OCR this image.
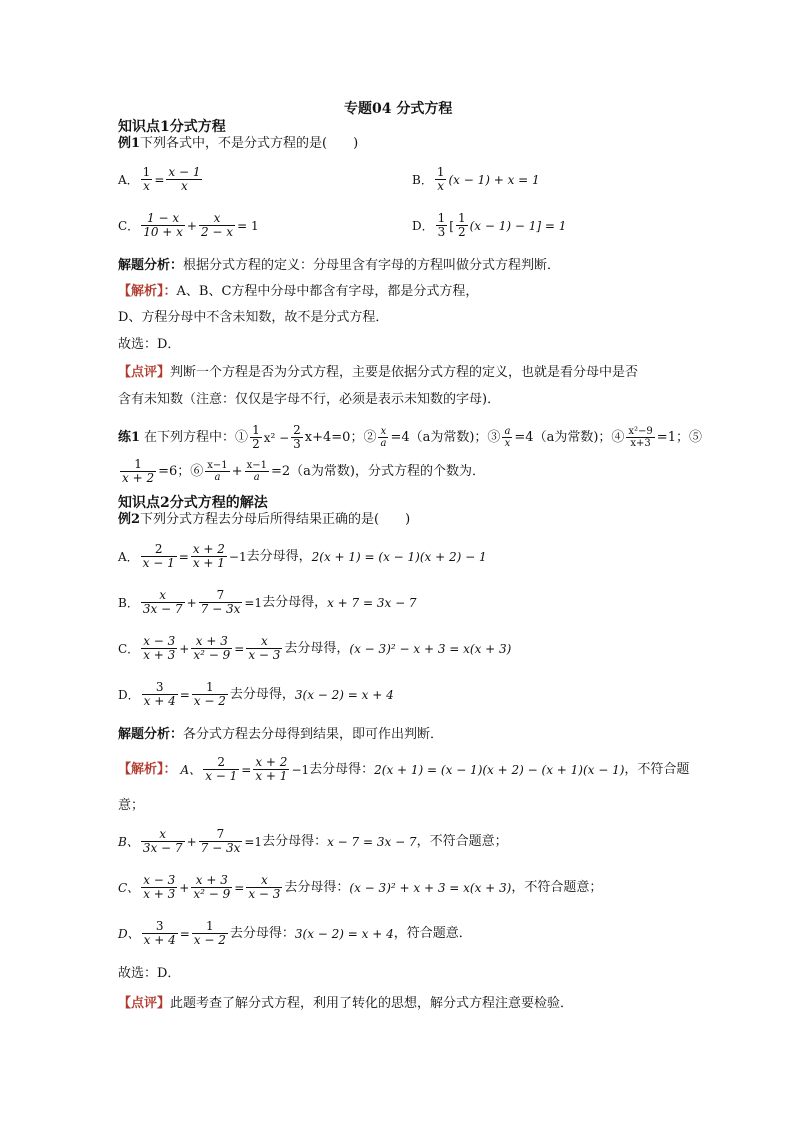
专题04 分式方程
知识点1分式方程
例1下列各式中，不是分式方程的是(　　)
A． $\frac{1}{x} = \frac{x - 1}{x}$	B． $\frac{1}{x} (x - 1) + x = 1$
C． $\frac{1 - x}{10 + x} + \frac{x}{2 - x} = 1$	D． $\frac{1}{3}$ [ $\frac{1}{2} (x - 1) - 1] = 1$
解题分析：根据分式方程的定义：分母里含有字母的方程叫做分式方程判断．
【解析】：A、B、C方程中分母中都含有字母，都是分式方程，
D、方程分母中不含未知数，故不是分式方程．
故选：D．
【点评】判断一个方程是否为分式方程，主要是依据分式方程的定义，也就是看分母中是否
含有未知数（注意：仅仅是字母不行，必须是表示未知数的字母)．
练1 在下列方程中：① $\frac{1}{2} x^2 - \frac{2}{3} x+4=0$；② $\frac{x}{a} =4(a$为常数)；③ $\frac{a}{x} =4(a$为常数)；④ $\frac{\text{x²−9}}{x+3} =1$；⑤
$\frac{1}{x + 2} =6$；⑥ $\frac{x-1}{a} + \frac{x-1}{a} =2(a$为常数)，分式方程的个数为．
知识点2分式方程的解法
例2下列分式方程去分母后所得结果正确的是(　　)
A． $\frac{2}{x - 1} = \frac{x + 2}{x + 1} -1$ 去分母得， 2(x + 1) = (x − 1)(x + 2) − 1
B． $\frac{x}{3x - 7} + \frac{7}{7 - 3x} =1$ 去分母得， x + 7 = 3x − 7
C． $\frac{x - 3}{x + 3} + \frac{x + 3}{\text{x² − 9}} = \frac{x}{x - 3}$ 去分母得， (x − 3)² − x + 3 = x(x + 3)
D． $\frac{3}{x + 4} = \frac{1}{x - 2}$ 去分母得， 3(x − 2) = x + 4
解题分析：各分式方程去分母得到结果，即可作出判断．
【解析】： A、 $\frac{2}{x - 1} = \frac{x + 2}{x + 1} -1$ 去分母得： 2(x + 1) = (x − 1)(x + 2) − (x + 1)(x − 1) ，不符合题
意；
B、 $\frac{x}{3x - 7} + \frac{7}{7 - 3x} =1$ 去分母得： x − 7 = 3x − 7 ，不符合题意；
C、 $\frac{x - 3}{x + 3} + \frac{x + 3}{\text{x² − 9}} = \frac{x}{x - 3}$ 去分母得： (x − 3)² + x + 3 = x(x + 3) ，不符合题意；
D、 $\frac{3}{x + 4} = \frac{1}{x - 2}$ 去分母得： 3(x − 2) = x + 4 ，符合题意．
故选：D．
【点评】此题考查了解分式方程，利用了转化的思想，解分式方程注意要检验．
